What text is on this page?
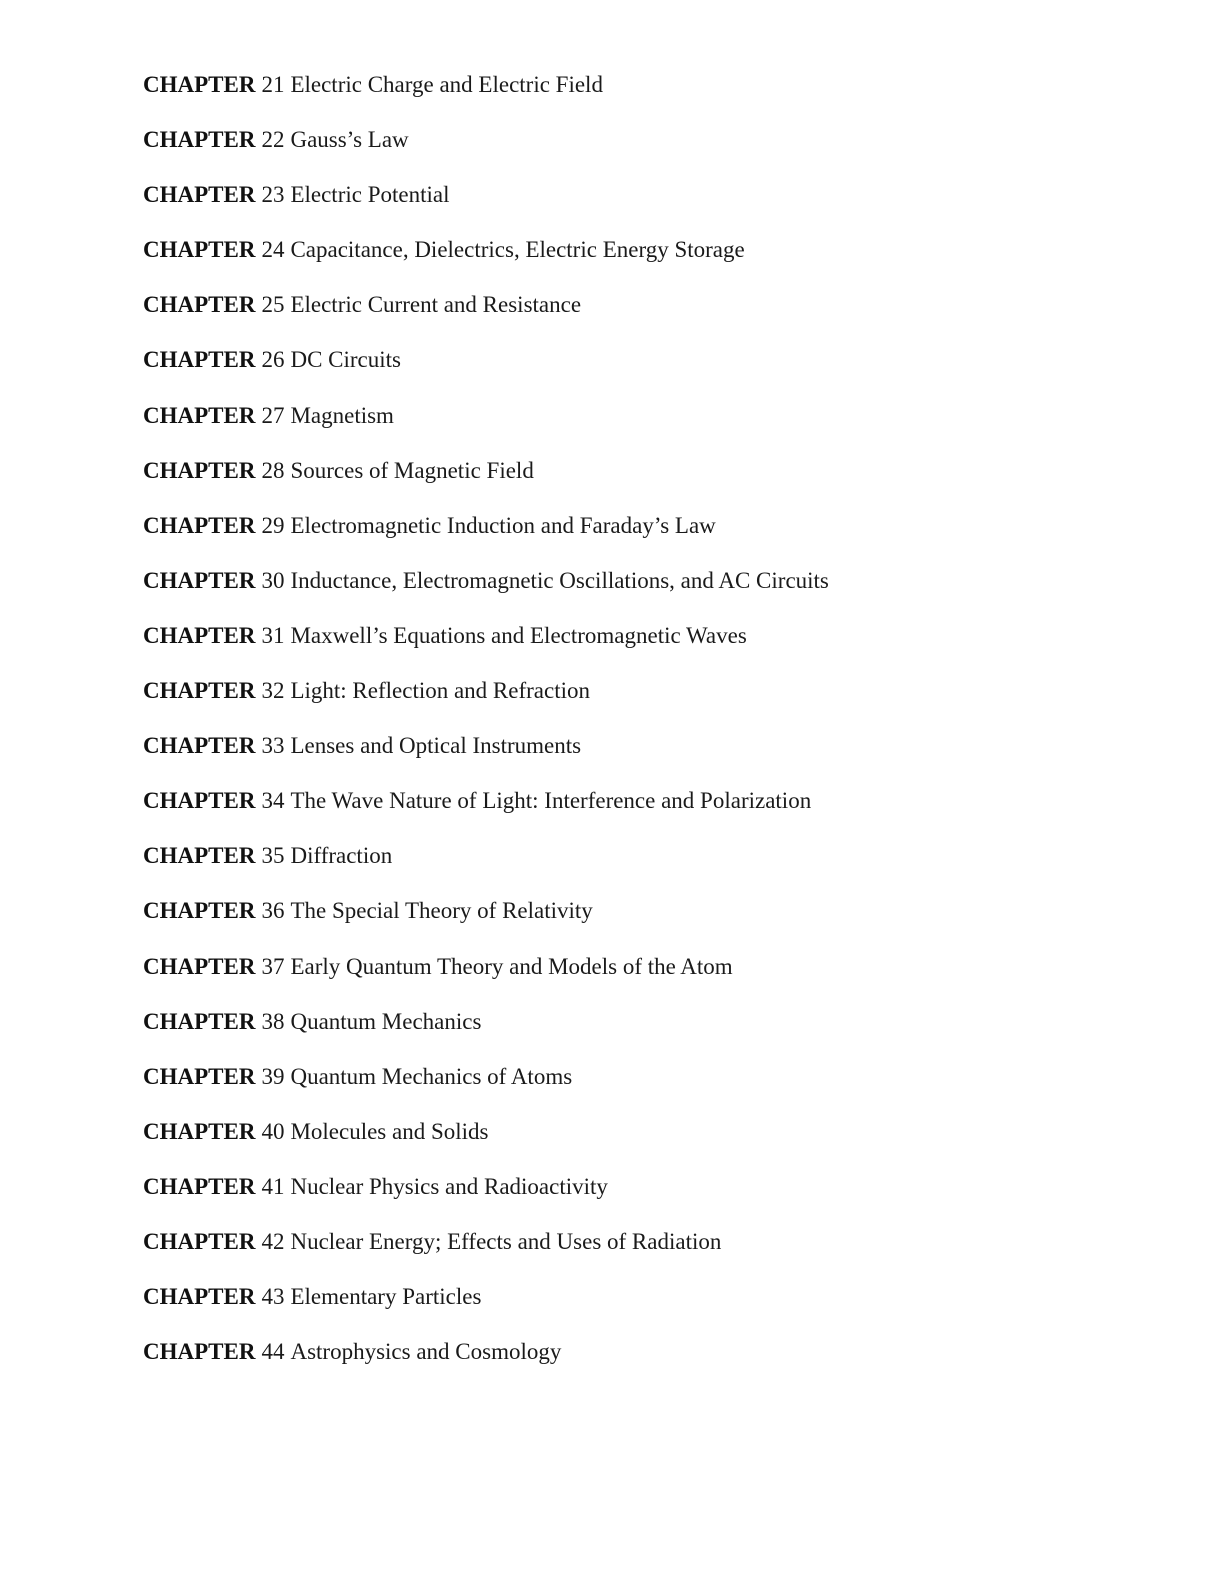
CHAPTER 21 Electric Charge and Electric Field
CHAPTER 22 Gauss’s Law
CHAPTER 23 Electric Potential
CHAPTER 24 Capacitance, Dielectrics, Electric Energy Storage
CHAPTER 25 Electric Current and Resistance
CHAPTER 26 DC Circuits
CHAPTER 27 Magnetism
CHAPTER 28 Sources of Magnetic Field
CHAPTER 29 Electromagnetic Induction and Faraday’s Law
CHAPTER 30 Inductance, Electromagnetic Oscillations, and AC Circuits
CHAPTER 31 Maxwell’s Equations and Electromagnetic Waves
CHAPTER 32 Light: Reflection and Refraction
CHAPTER 33 Lenses and Optical Instruments
CHAPTER 34 The Wave Nature of Light: Interference and Polarization
CHAPTER 35 Diffraction
CHAPTER 36 The Special Theory of Relativity
CHAPTER 37 Early Quantum Theory and Models of the Atom
CHAPTER 38 Quantum Mechanics
CHAPTER 39 Quantum Mechanics of Atoms
CHAPTER 40 Molecules and Solids
CHAPTER 41 Nuclear Physics and Radioactivity
CHAPTER 42 Nuclear Energy; Effects and Uses of Radiation
CHAPTER 43 Elementary Particles
CHAPTER 44 Astrophysics and Cosmology
